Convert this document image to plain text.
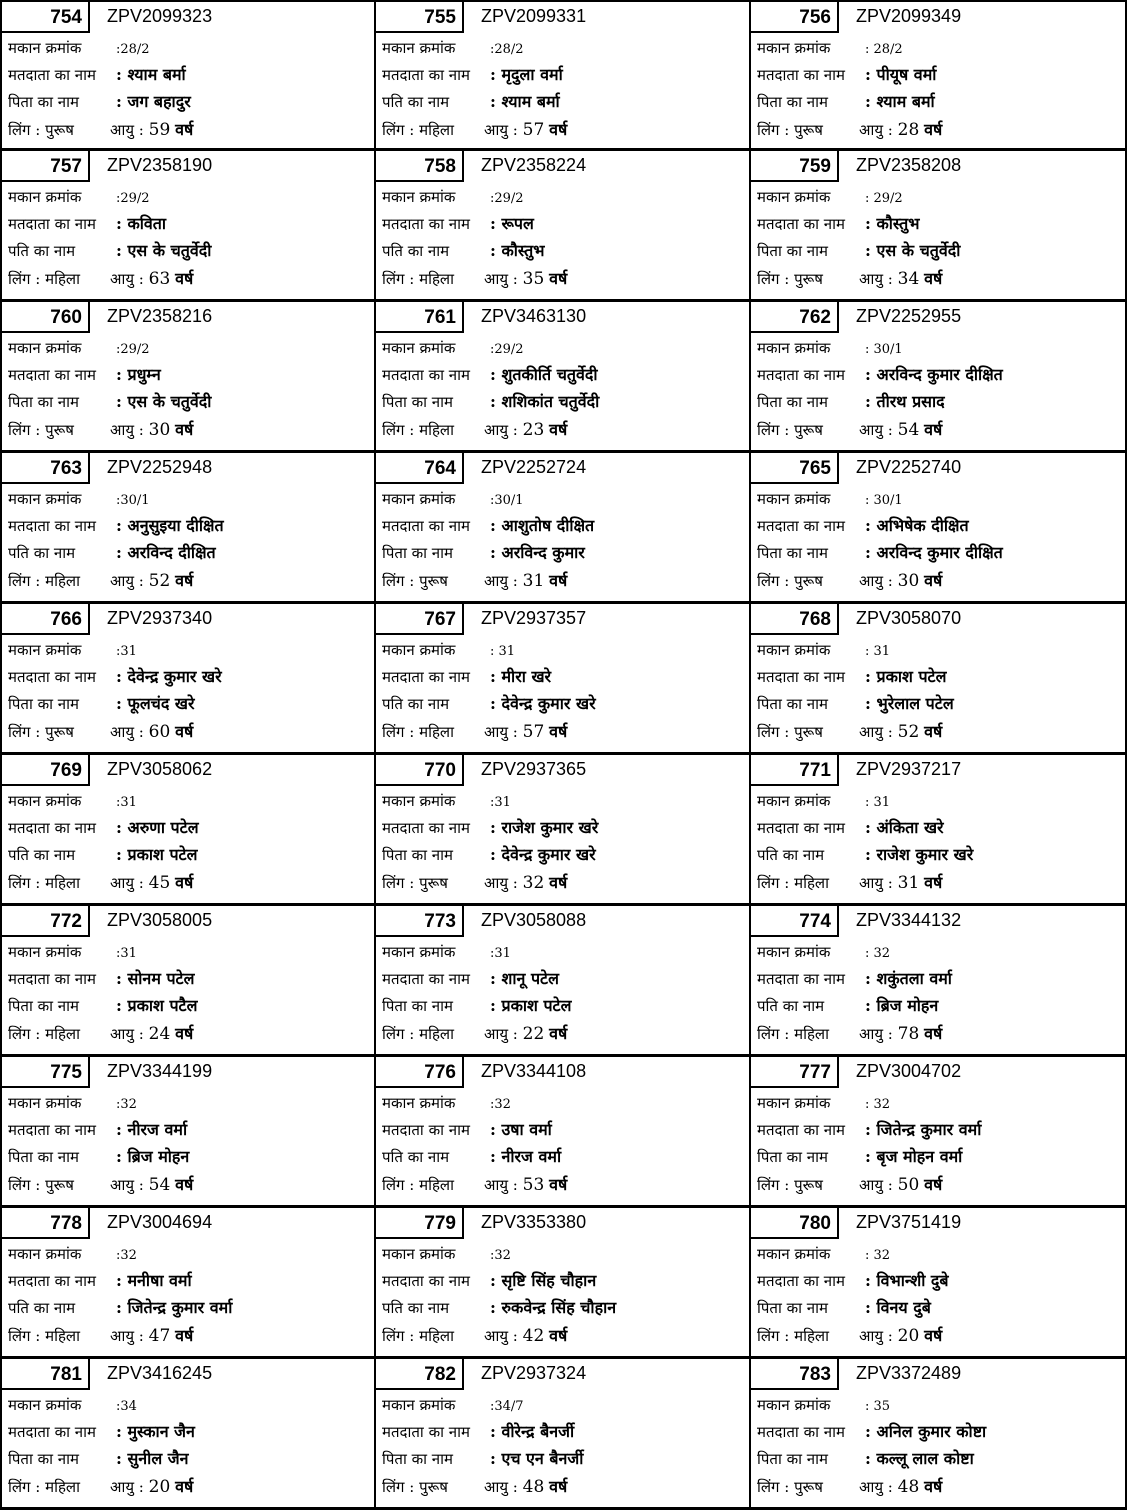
754	ZPV2099323
मकान क्रमांक	:28/2
मतदाता का नाम : श्याम बर्मा
पिता का नाम : जग बहादुर
लिंग : पुरूष आयु : 59 वर्ष
755	ZPV2099331
मकान क्रमांक	:28/2
मतदाता का नाम : मृदुला वर्मा
पति का नाम	: श्याम बर्मा
लिंग : महिला आयु : 57 वर्ष
756	ZPV2099349
मकान क्रमांक	: 28/2
मतदाता का नाम : पीयूष वर्मा
पिता का नाम : श्याम बर्मा
लिंग : पुरूष आयु : 28 वर्ष
757	ZPV2358190
मकान क्रमांक	:29/2
मतदाता का नाम : कविता
पति का नाम	: एस के चतुर्वेदी
लिंग : महिला आयु : 63 वर्ष
758	ZPV2358224
मकान क्रमांक	:29/2
मतदाता का नाम : रूपल
पति का नाम	: कौस्तुभ
लिंग : महिला आयु : 35 वर्ष
759	ZPV2358208
मकान क्रमांक	: 29/2
मतदाता का नाम : कौस्तुभ
पिता का नाम : एस के चतुर्वेदी
लिंग : पुरूष आयु : 34 वर्ष
760	ZPV2358216
मकान क्रमांक	:29/2
मतदाता का नाम : प्रधुम्न
पिता का नाम : एस के चतुर्वेदी
लिंग : पुरूष आयु : 30 वर्ष
761	ZPV3463130
मकान क्रमांक	:29/2
मतदाता का नाम : शुतकीर्ति चतुर्वेदी
पिता का नाम : शशिकांत चतुर्वेदी
लिंग : महिला आयु : 23 वर्ष
762	ZPV2252955
मकान क्रमांक	: 30/1
मतदाता का नाम : अरविन्द कुमार दीक्षित
पिता का नाम : तीरथ प्रसाद
लिंग : पुरूष आयु : 54 वर्ष
763	ZPV2252948
मकान क्रमांक	:30/1
मतदाता का नाम : अनुसुइया दीक्षित
पति का नाम	: अरविन्द दीक्षित
लिंग : महिला आयु : 52 वर्ष
764	ZPV2252724
मकान क्रमांक	:30/1
मतदाता का नाम : आशुतोष दीक्षित
पिता का नाम : अरविन्द कुमार
लिंग : पुरूष आयु : 31 वर्ष
765	ZPV2252740
मकान क्रमांक	: 30/1
मतदाता का नाम : अभिषेक दीक्षित
पिता का नाम : अरविन्द कुमार दीक्षित
लिंग : पुरूष आयु : 30 वर्ष
766	ZPV2937340
मकान क्रमांक	:31
मतदाता का नाम : देवेन्द्र कुमार खरे
पिता का नाम : फूलचंद खरे
लिंग : पुरूष आयु : 60 वर्ष
767	ZPV2937357
मकान क्रमांक	: 31
मतदाता का नाम : मीरा खरे
पति का नाम	: देवेन्द्र कुमार खरे
लिंग : महिला आयु : 57 वर्ष
768	ZPV3058070
मकान क्रमांक	: 31
मतदाता का नाम : प्रकाश पटेल
पिता का नाम : भुरेलाल पटेल
लिंग : पुरूष आयु : 52 वर्ष
769	ZPV3058062
मकान क्रमांक	:31
मतदाता का नाम : अरुणा पटेल
पति का नाम	: प्रकाश पटेल
लिंग : महिला आयु : 45 वर्ष
770	ZPV2937365
मकान क्रमांक	:31
मतदाता का नाम : राजेश कुमार खरे
पिता का नाम : देवेन्द्र कुमार खरे
लिंग : पुरूष आयु : 32 वर्ष
771	ZPV2937217
मकान क्रमांक	: 31
मतदाता का नाम : अंकिता खरे
पति का नाम	: राजेश कुमार खरे
लिंग : महिला आयु : 31 वर्ष
772	ZPV3058005
मकान क्रमांक	:31
मतदाता का नाम : सोनम पटेल
पिता का नाम : प्रकाश पटैल
लिंग : महिला आयु : 24 वर्ष
773	ZPV3058088
मकान क्रमांक	:31
मतदाता का नाम : शानू पटेल
पिता का नाम : प्रकाश पटेल
लिंग : महिला आयु : 22 वर्ष
774	ZPV3344132
मकान क्रमांक	: 32
मतदाता का नाम : शकुंतला वर्मा
पति का नाम	: ब्रिज मोहन
लिंग : महिला आयु : 78 वर्ष
775	ZPV3344199
मकान क्रमांक	:32
मतदाता का नाम : नीरज वर्मा
पिता का नाम : ब्रिज मोहन
लिंग : पुरूष आयु : 54 वर्ष
776	ZPV3344108
मकान क्रमांक	:32
मतदाता का नाम : उषा वर्मा
पति का नाम	: नीरज वर्मा
लिंग : महिला आयु : 53 वर्ष
777	ZPV3004702
मकान क्रमांक	: 32
मतदाता का नाम : जितेन्द्र कुमार वर्मा
पिता का नाम : बृज मोहन वर्मा
लिंग : पुरूष आयु : 50 वर्ष
778	ZPV3004694
मकान क्रमांक	:32
मतदाता का नाम : मनीषा वर्मा
पति का नाम	: जितेन्द्र कुमार वर्मा
लिंग : महिला आयु : 47 वर्ष
779	ZPV3353380
मकान क्रमांक	:32
मतदाता का नाम : सृष्टि सिंह चौहान
पति का नाम	: रुकवेन्द्र सिंह चौहान
लिंग : महिला आयु : 42 वर्ष
780	ZPV3751419
मकान क्रमांक	: 32
मतदाता का नाम : विभान्शी दुबे
पिता का नाम : विनय दुबे
लिंग : महिला आयु : 20 वर्ष
781	ZPV3416245
मकान क्रमांक	:34
मतदाता का नाम : मुस्कान जैन
पिता का नाम : सुनील जैन
लिंग : महिला आयु : 20 वर्ष
782	ZPV2937324
मकान क्रमांक	:34/7
मतदाता का नाम : वीरेन्द्र बैनर्जी
पिता का नाम : एच एन बैनर्जी
लिंग : पुरूष आयु : 48 वर्ष
783	ZPV3372489
मकान क्रमांक	: 35
मतदाता का नाम : अनिल कुमार कोष्टा
पिता का नाम : कल्लू लाल कोष्टा
लिंग : पुरूष आयु : 48 वर्ष
